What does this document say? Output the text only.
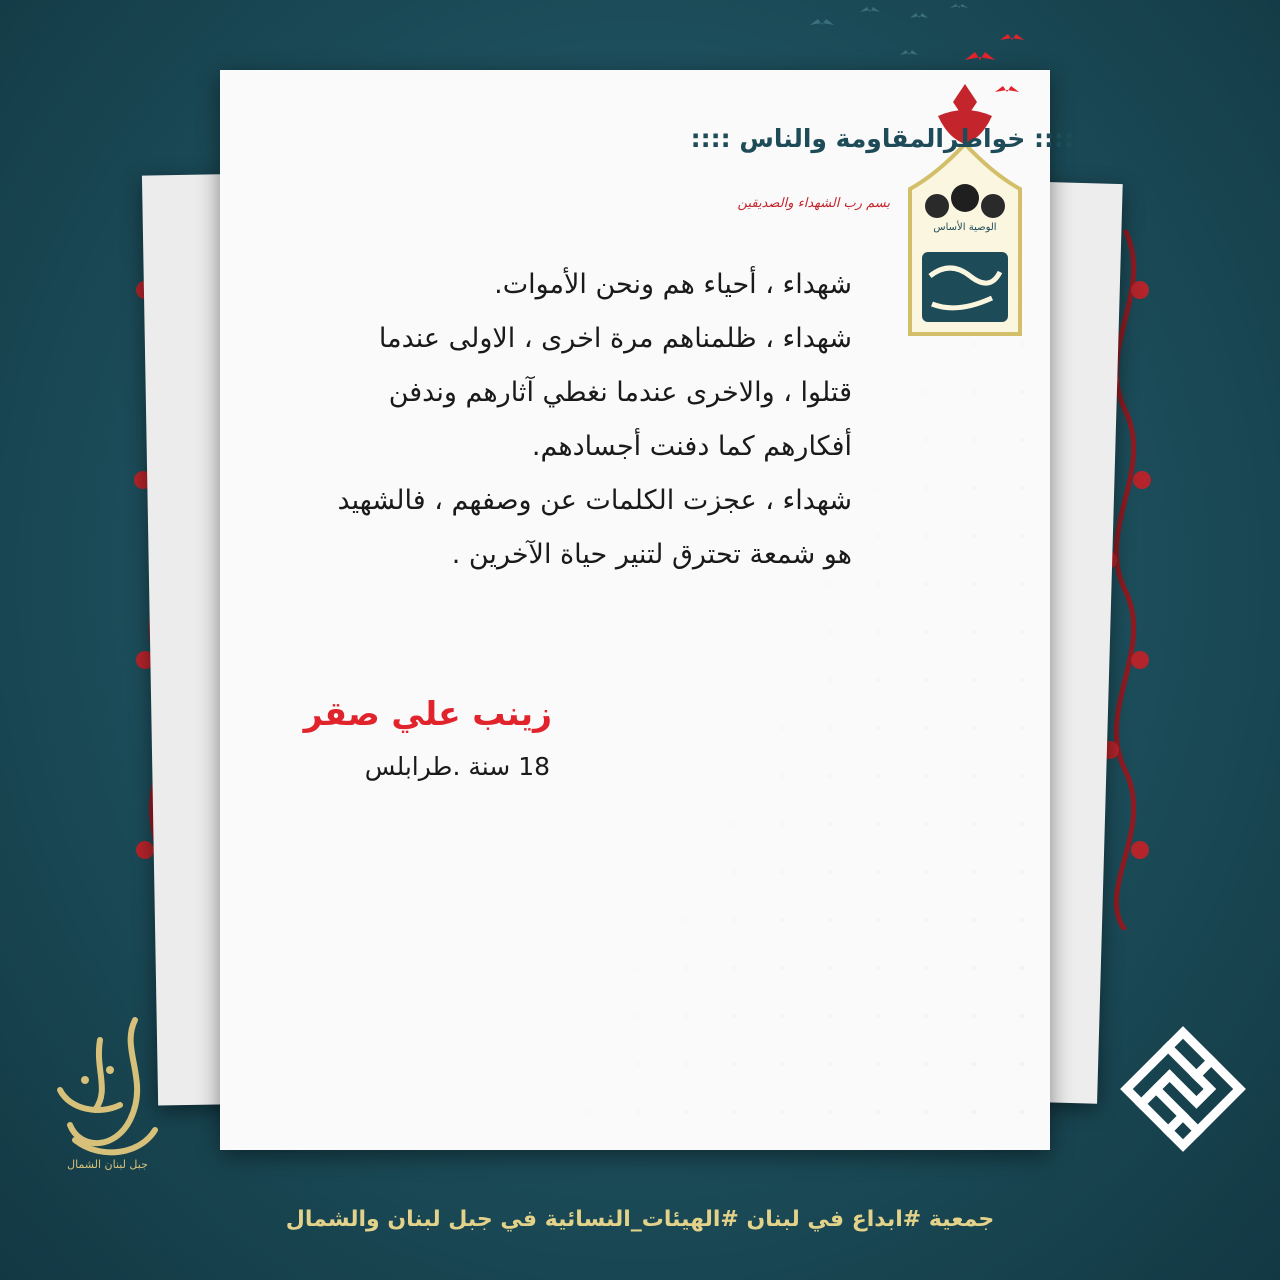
الوصية الأساس
:::: خواطرالمقاومة والناس ::::
بسم رب الشهداء والصديقين

شهداء ، أحياء هم ونحن الأموات.

شهداء ، ظلمناهم مرة اخرى ، الاولى عندما قتلوا ، والاخرى عندما نغطي آثارهم وندفن أفكارهم كما دفنت أجسادهم.

شهداء ، عجزت الكلمات عن وصفهم ، فالشهيد هو شمعة تحترق لتنير حياة الآخرين .

زينب علي صقر
18 سنة .طرابلس
جبل لبنان الشمال
جمعية #ابداع في لبنان #الهيئات_النسائية في جبل لبنان والشمال
